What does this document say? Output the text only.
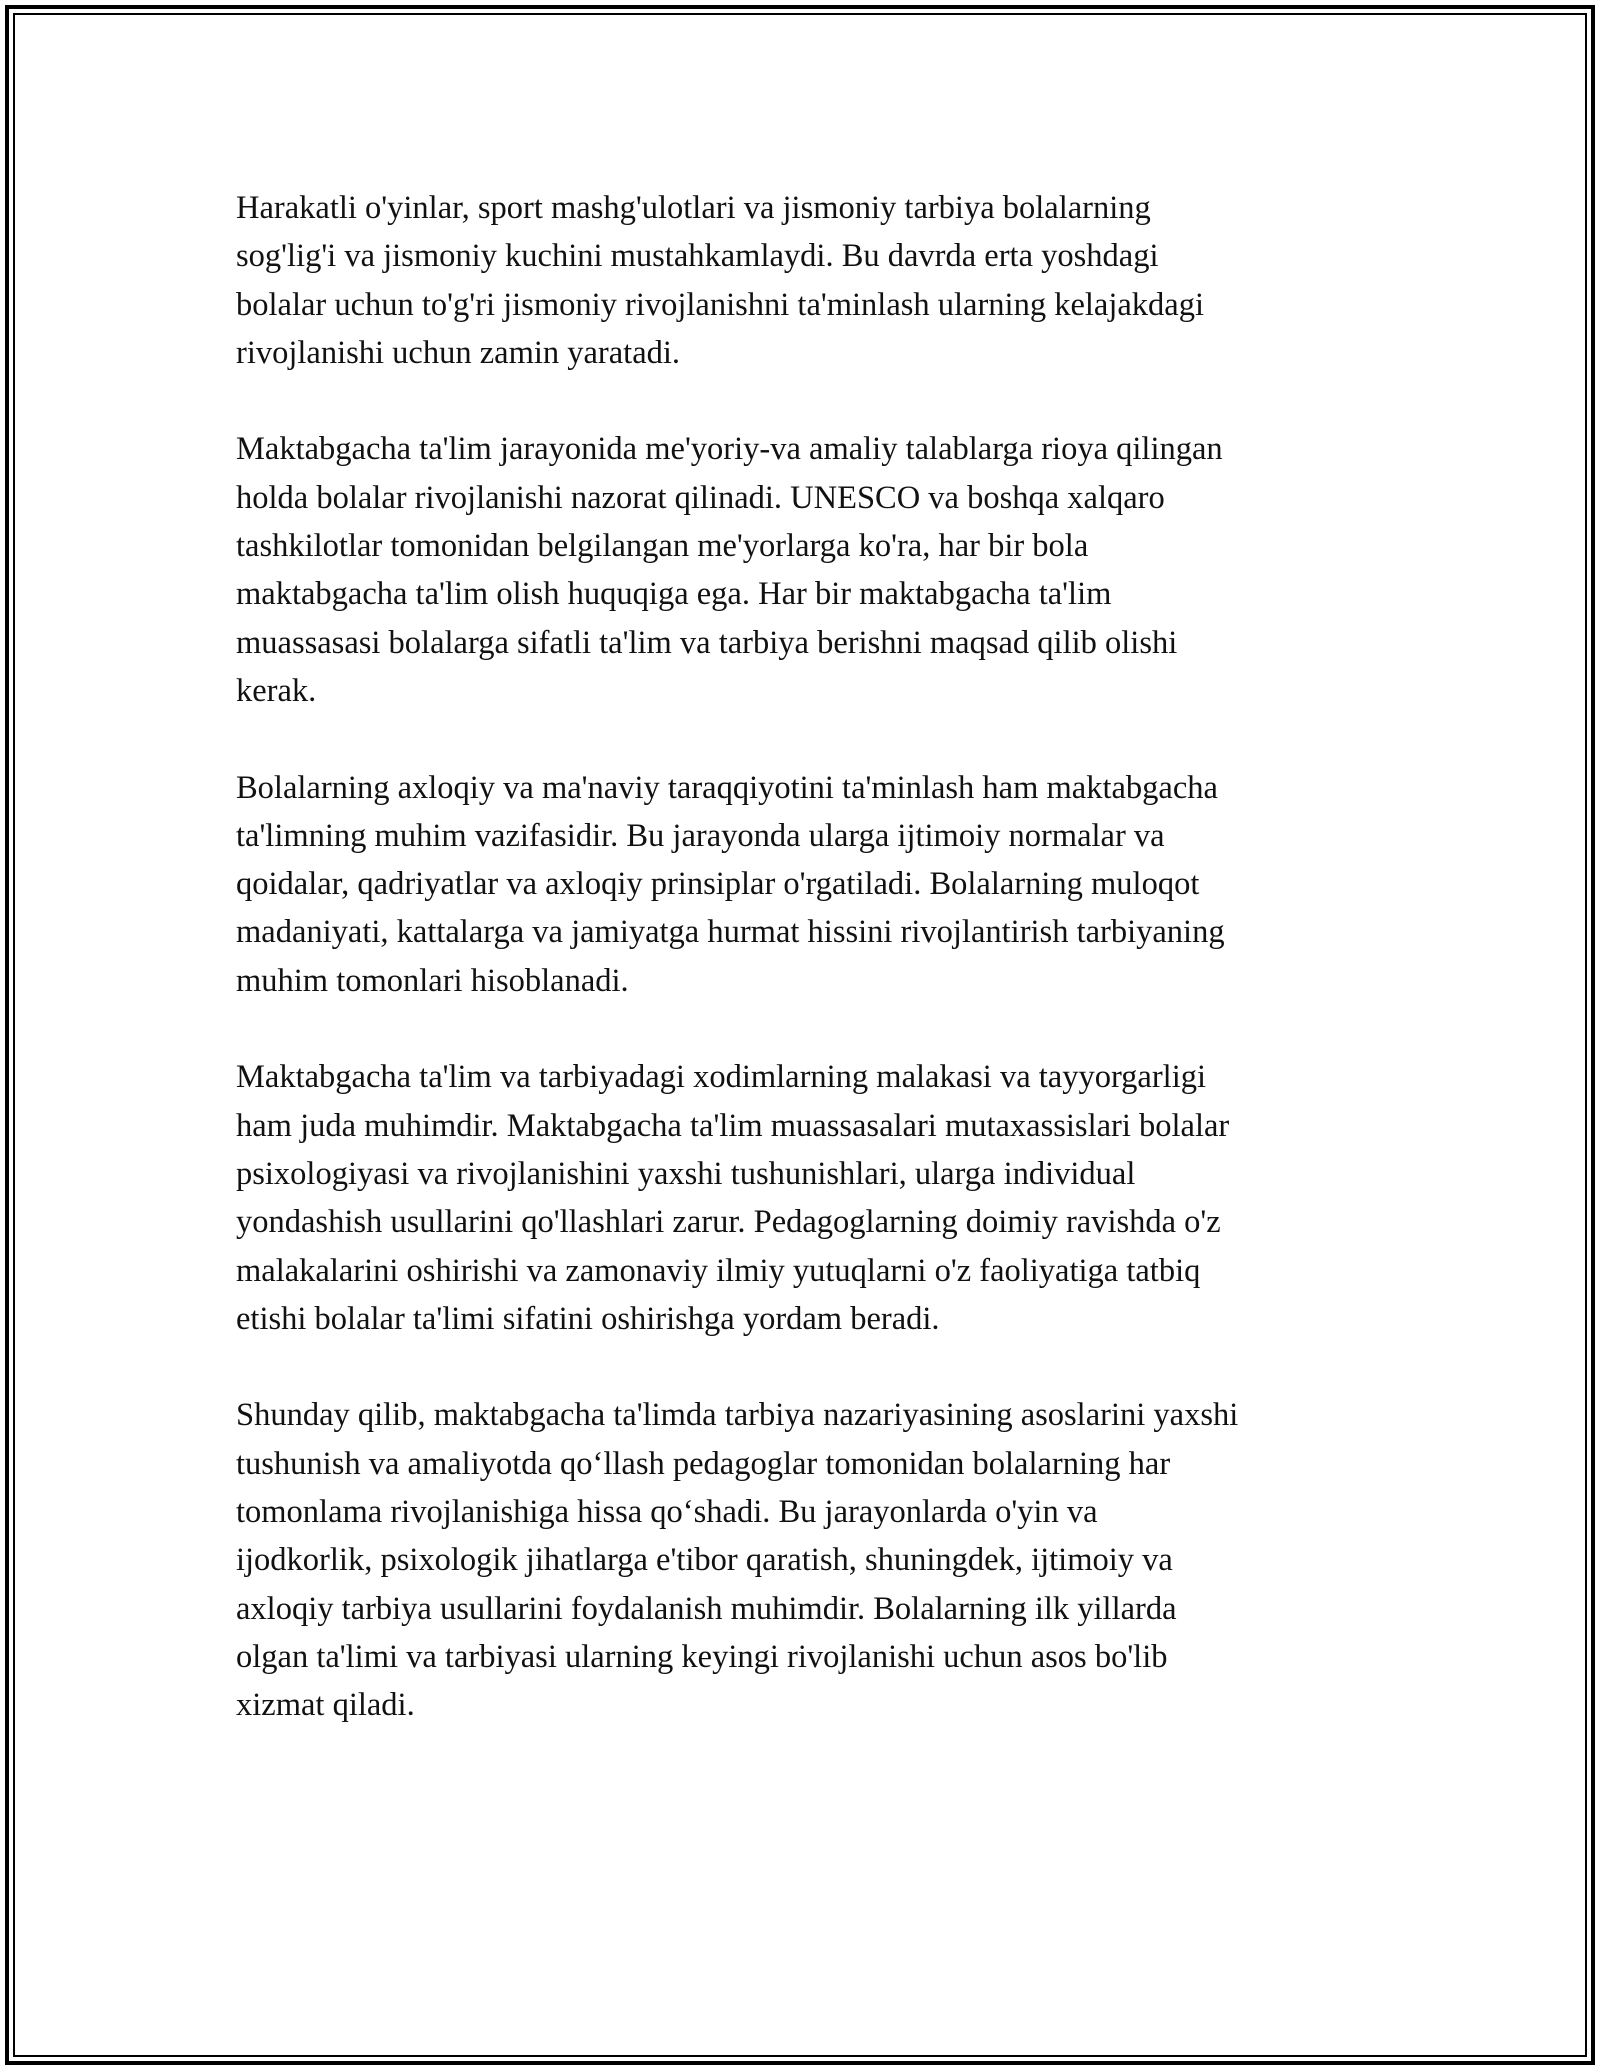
Harakatli o'yinlar, sport mashg'ulotlari va jismoniy tarbiya bolalarning
sog'lig'i va jismoniy kuchini mustahkamlaydi. Bu davrda erta yoshdagi
bolalar uchun to'g'ri jismoniy rivojlanishni ta'minlash ularning kelajakdagi
rivojlanishi uchun zamin yaratadi.

Maktabgacha ta'lim jarayonida me'yoriy-va amaliy talablarga rioya qilingan
holda bolalar rivojlanishi nazorat qilinadi. UNESCO va boshqa xalqaro
tashkilotlar tomonidan belgilangan me'yorlarga ko'ra, har bir bola
maktabgacha ta'lim olish huquqiga ega. Har bir maktabgacha ta'lim
muassasasi bolalarga sifatli ta'lim va tarbiya berishni maqsad qilib olishi
kerak.

Bolalarning axloqiy va ma'naviy taraqqiyotini ta'minlash ham maktabgacha
ta'limning muhim vazifasidir. Bu jarayonda ularga ijtimoiy normalar va
qoidalar, qadriyatlar va axloqiy prinsiplar o'rgatiladi. Bolalarning muloqot
madaniyati, kattalarga va jamiyatga hurmat hissini rivojlantirish tarbiyaning
muhim tomonlari hisoblanadi.

Maktabgacha ta'lim va tarbiyadagi xodimlarning malakasi va tayyorgarligi
ham juda muhimdir. Maktabgacha ta'lim muassasalari mutaxassislari bolalar
psixologiyasi va rivojlanishini yaxshi tushunishlari, ularga individual
yondashish usullarini qo'llashlari zarur. Pedagoglarning doimiy ravishda o'z
malakalarini oshirishi va zamonaviy ilmiy yutuqlarni o'z faoliyatiga tatbiq
etishi bolalar ta'limi sifatini oshirishga yordam beradi.

Shunday qilib, maktabgacha ta'limda tarbiya nazariyasining asoslarini yaxshi
tushunish va amaliyotda qo‘llash pedagoglar tomonidan bolalarning har
tomonlama rivojlanishiga hissa qo‘shadi. Bu jarayonlarda o'yin va
ijodkorlik, psixologik jihatlarga e'tibor qaratish, shuningdek, ijtimoiy va
axloqiy tarbiya usullarini foydalanish muhimdir. Bolalarning ilk yillarda
olgan ta'limi va tarbiyasi ularning keyingi rivojlanishi uchun asos bo'lib
xizmat qiladi.
